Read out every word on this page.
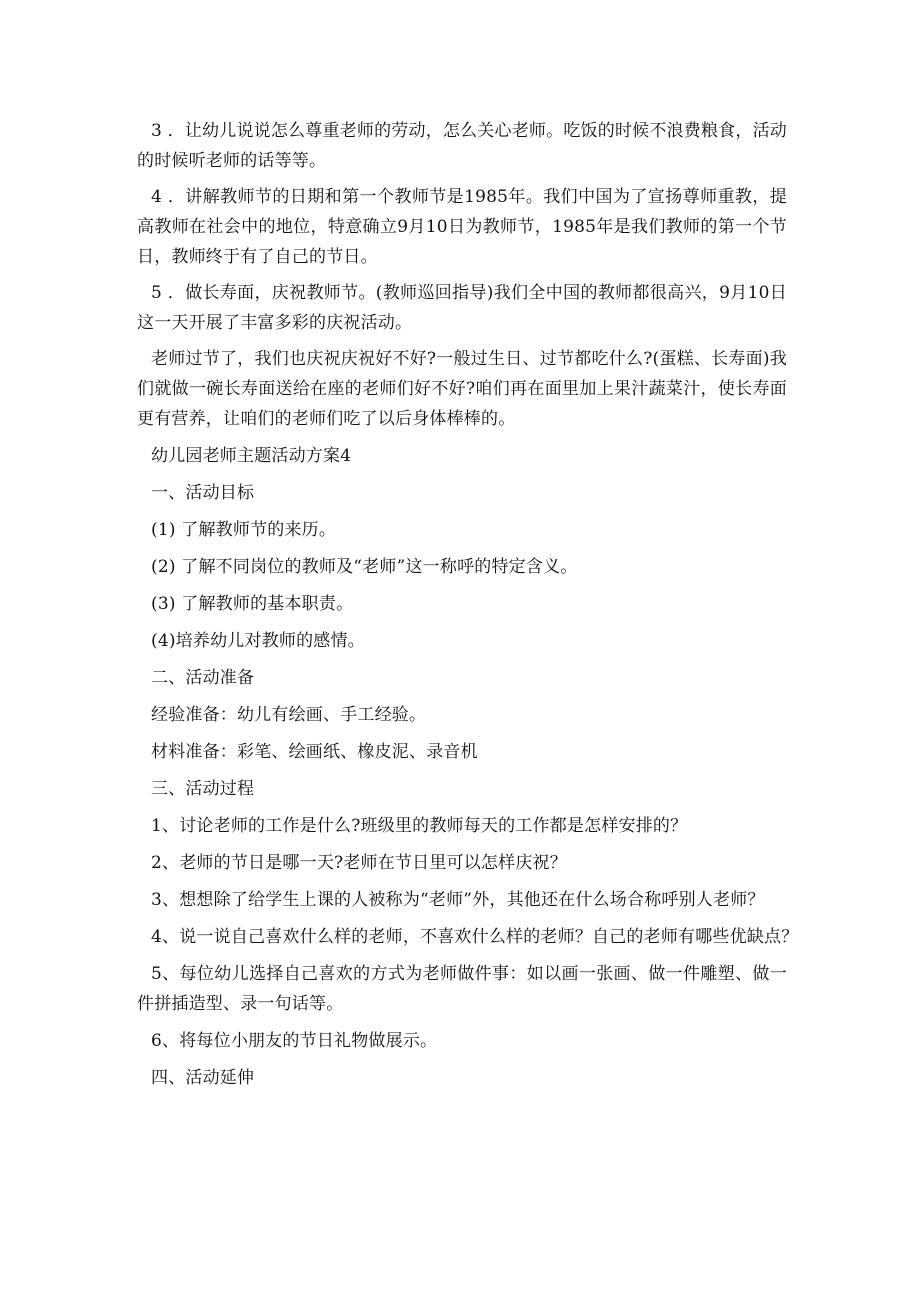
3 ．让幼儿说说怎么尊重老师的劳动，怎么关心老师。吃饭的时候不浪费粮食，活动的时候听老师的话等等。

4 ．讲解教师节的日期和第一个教师节是1985年。我们中国为了宣扬尊师重教，提高教师在社会中的地位，特意确立9月10日为教师节，1985年是我们教师的第一个节日，教师终于有了自己的节日。

5 ．做长寿面，庆祝教师节。(教师巡回指导)我们全中国的教师都很高兴，9月10日这一天开展了丰富多彩的庆祝活动。

老师过节了，我们也庆祝庆祝好不好?一般过生日、过节都吃什么?(蛋糕、长寿面)我们就做一碗长寿面送给在座的老师们好不好?咱们再在面里加上果汁蔬菜汁，使长寿面更有营养，让咱们的老师们吃了以后身体棒棒的。

幼儿园老师主题活动方案4
一、活动目标
(1) 了解教师节的来历。
(2) 了解不同岗位的教师及“老师”这一称呼的特定含义。
(3) 了解教师的基本职责。
(4)培养幼儿对教师的感情。
二、活动准备
经验准备：幼儿有绘画、手工经验。
材料准备：彩笔、绘画纸、橡皮泥、录音机
三、活动过程
1、讨论老师的工作是什么?班级里的教师每天的工作都是怎样安排的？
2、老师的节日是哪一天?老师在节日里可以怎样庆祝？
3、想想除了给学生上课的人被称为“老师”外，其他还在什么场合称呼别人老师？
4、说一说自己喜欢什么样的老师，不喜欢什么样的老师？自己的老师有哪些优缺点？

5、每位幼儿选择自己喜欢的方式为老师做件事：如以画一张画、做一件雕塑、做一件拼插造型、录一句话等。

6、将每位小朋友的节日礼物做展示。
四、活动延伸
